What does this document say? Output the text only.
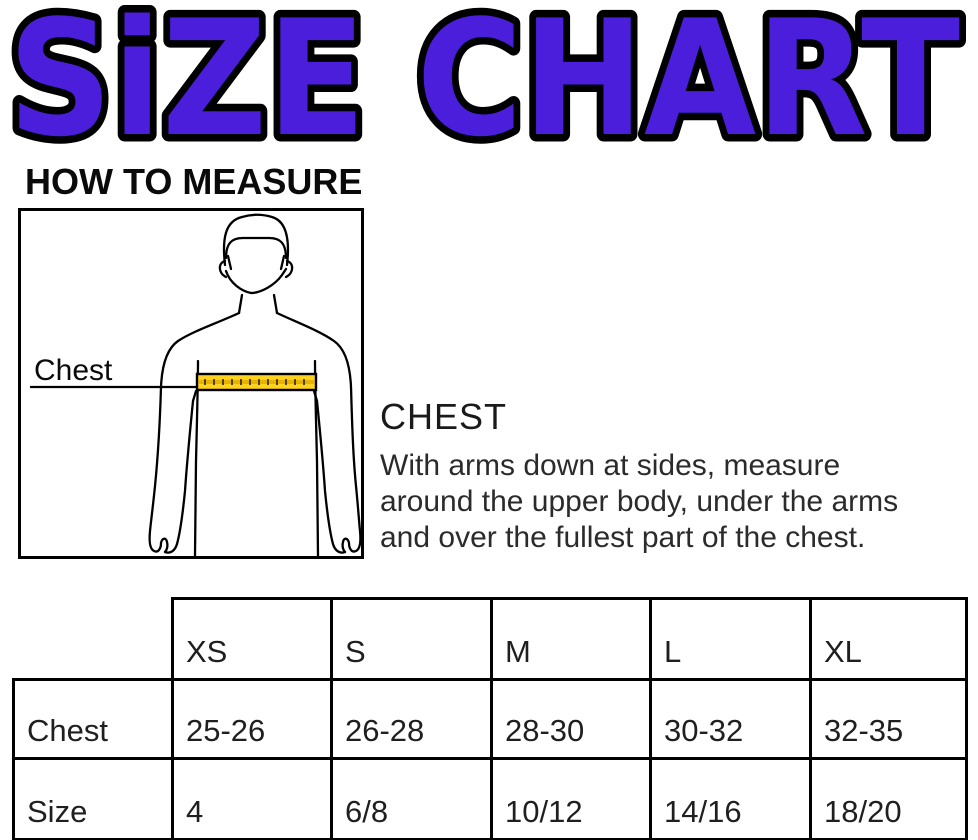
SiZE CHART
HOW TO MEASURE
Chest
CHEST
With arms down at sides, measure
around the upper body, under the arms
and over the fullest part of the chest.
	XS	S	M	L	XL
Chest	25-26	26-28	28-30	30-32	32-35
Size	4	6/8	10/12	14/16	18/20
